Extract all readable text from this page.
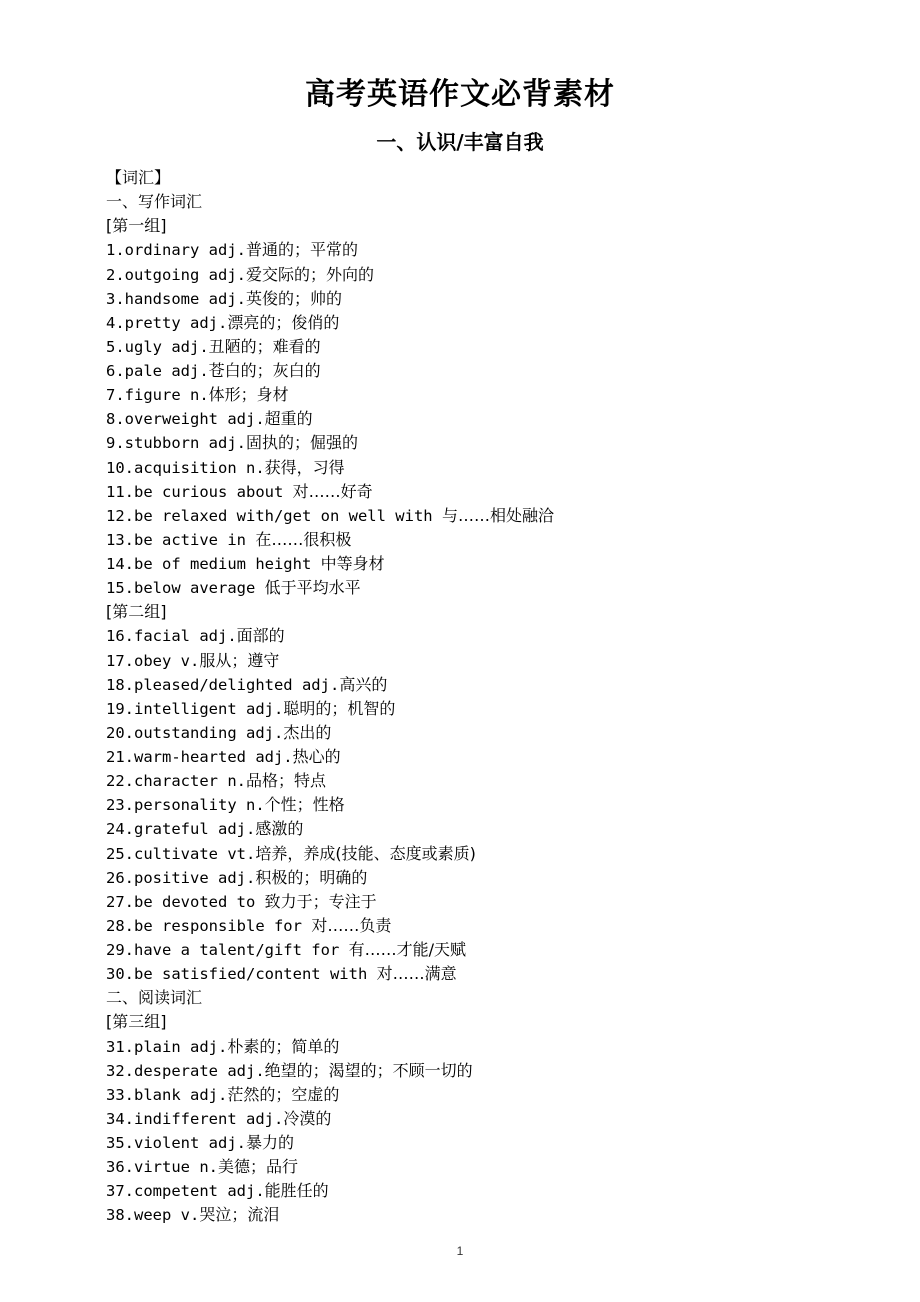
高考英语作文必背素材
一、认识/丰富自我
【词汇】
一、写作词汇
[第一组]
1.ordinary adj.普通的；平常的
2.outgoing adj.爱交际的；外向的
3.handsome adj.英俊的；帅的
4.pretty adj.漂亮的；俊俏的
5.ugly adj.丑陋的；难看的
6.pale adj.苍白的；灰白的
7.figure n.体形；身材
8.overweight adj.超重的
9.stubborn adj.固执的；倔强的
10.acquisition n.获得，习得
11.be curious about 对……好奇
12.be relaxed with/get on well with 与……相处融洽
13.be active in 在……很积极
14.be of medium height 中等身材
15.below average 低于平均水平
[第二组]
16.facial adj.面部的
17.obey v.服从；遵守
18.pleased/delighted adj.高兴的
19.intelligent adj.聪明的；机智的
20.outstanding adj.杰出的
21.warm-hearted adj.热心的
22.character n.品格；特点
23.personality n.个性；性格
24.grateful adj.感激的
25.cultivate vt.培养，养成(技能、态度或素质)
26.positive adj.积极的；明确的
27.be devoted to 致力于；专注于
28.be responsible for 对……负责
29.have a talent/gift for 有……才能/天赋
30.be satisfied/content with 对……满意
二、阅读词汇
[第三组]
31.plain adj.朴素的；简单的
32.desperate adj.绝望的；渴望的；不顾一切的
33.blank adj.茫然的；空虚的
34.indifferent adj.冷漠的
35.violent adj.暴力的
36.virtue n.美德；品行
37.competent adj.能胜任的
38.weep v.哭泣；流泪
1
